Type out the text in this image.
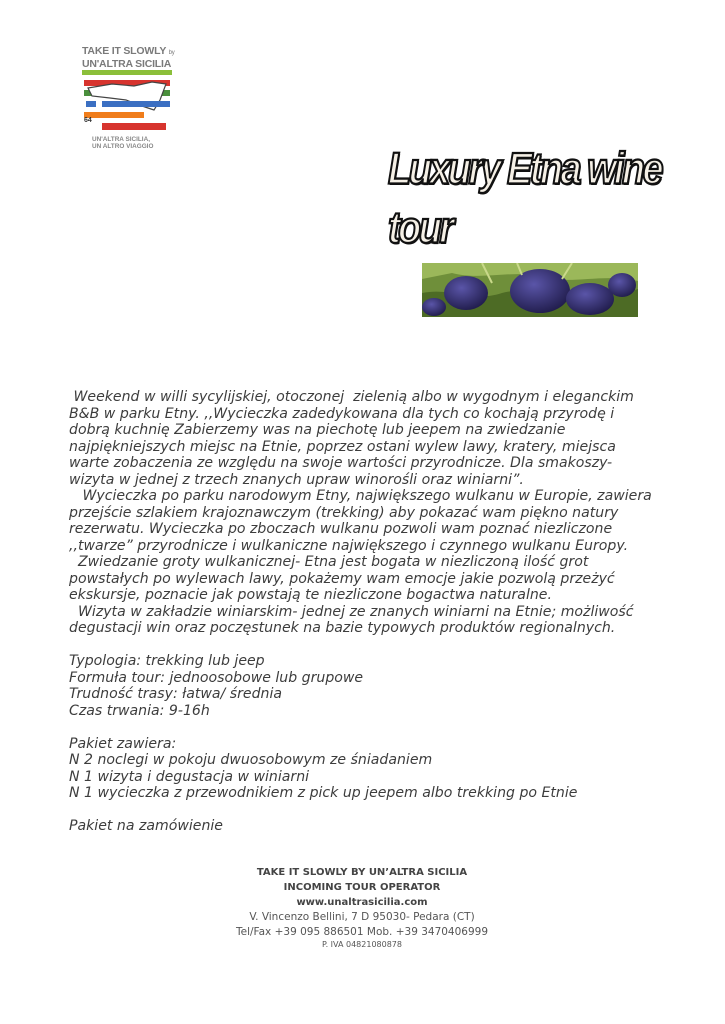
TAKE IT SLOWLY by
UN'ALTRA SICILIA
64
UN'ALTRA SICILIA,
UN ALTRO VIAGGIO	Luxury Etna wine tour

Weekend w willi sycylijskiej, otoczonej  zielenią albo w wygodnym i eleganckim B&B w parku Etny. ,,Wycieczka zadedykowana dla tych co kochają przyrodę i dobrą kuchnię Zabierzemy was na piechotę lub jeepem na zwiedzanie najpiękniejszych miejsc na Etnie, poprzez ostani wylew lawy, kratery, miejsca warte zobaczenia ze względu na swoje wartości przyrodnicze. Dla smakoszy- wizyta w jednej z trzech znanych upraw winorośli oraz winiarni”.

Wycieczka po parku narodowym Etny, największego wulkanu w Europie, zawiera przejście szlakiem krajoznawczym (trekking) aby pokazać wam piękno natury rezerwatu. Wycieczka po zboczach wulkanu pozwoli wam poznać niezliczone ,,twarze” przyrodnicze i wulkaniczne największego i czynnego wulkanu Europy.

Zwiedzanie groty wulkanicznej- Etna jest bogata w niezliczoną ilość grot powstałych po wylewach lawy, pokażemy wam emocje jakie pozwolą przeżyć ekskursje, poznacie jak powstają te niezliczone bogactwa naturalne.

Wizyta w zakładzie winiarskim- jednej ze znanych winiarni na Etnie; możliwość degustacji win oraz poczęstunek na bazie typowych produktów regionalnych.

Typologia: trekking lub jeep

Formuła tour: jednoosobowe lub grupowe

Trudność trasy: łatwa/ średnia

Czas trwania: 9-16h

Pakiet zawiera:

N 2 noclegi w pokoju dwuosobowym ze śniadaniem

N 1 wizyta i degustacja w winiarni

N 1 wycieczka z przewodnikiem z pick up jeepem albo trekking po Etnie

Pakiet na zamówienie

TAKE IT SLOWLY BY UN’ALTRA SICILIA
INCOMING TOUR OPERATOR
www.unaltrasicilia.com
V. Vincenzo Bellini, 7 D 95030- Pedara (CT)
Tel/Fax +39 095 886501 Mob. +39 3470406999
P. IVA 04821080878
